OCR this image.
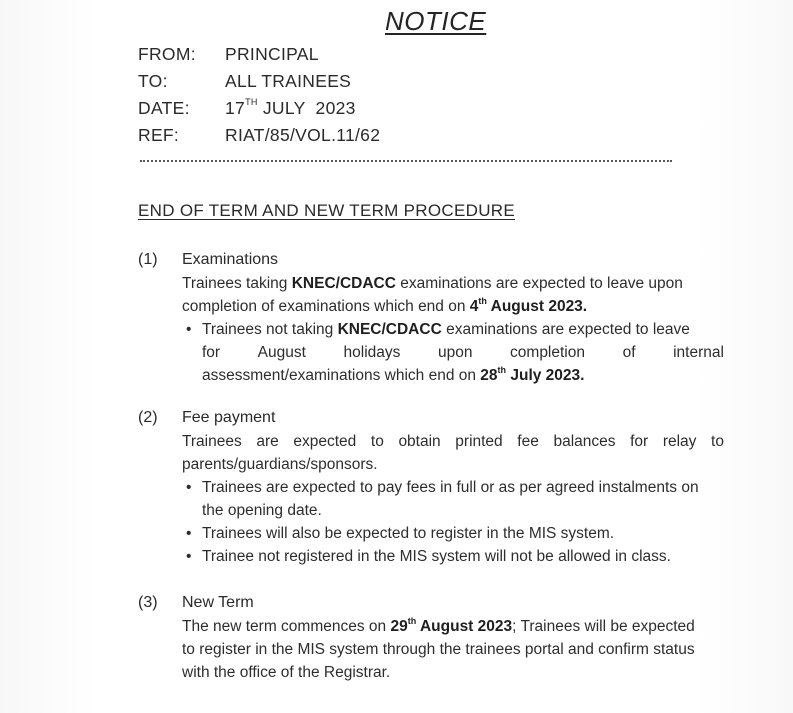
NOTICE
FROM: PRINCIPAL
TO:	ALL TRAINEES
DATE: 17TH JULY  2023
REF:	RIAT/85/VOL.11/62
END OF TERM AND NEW TERM PROCEDURE
(1) Examinations
Trainees taking KNEC/CDACC examinations are expected to leave upon
completion of examinations which end on 4th August 2023.
• Trainees not taking KNEC/CDACC examinations are expected to leave
for August holidays upon completion of internal
assessment/examinations which end on 28th July 2023.
(2) Fee payment
Trainees are expected to obtain printed fee balances for relay to
parents/guardians/sponsors.
• Trainees are expected to pay fees in full or as per agreed instalments on
the opening date.
• Trainees will also be expected to register in the MIS system.
• Trainee not registered in the MIS system will not be allowed in class.
(3) New Term
The new term commences on 29th August 2023; Trainees will be expected
to register in the MIS system through the trainees portal and confirm status
with the office of the Registrar.
